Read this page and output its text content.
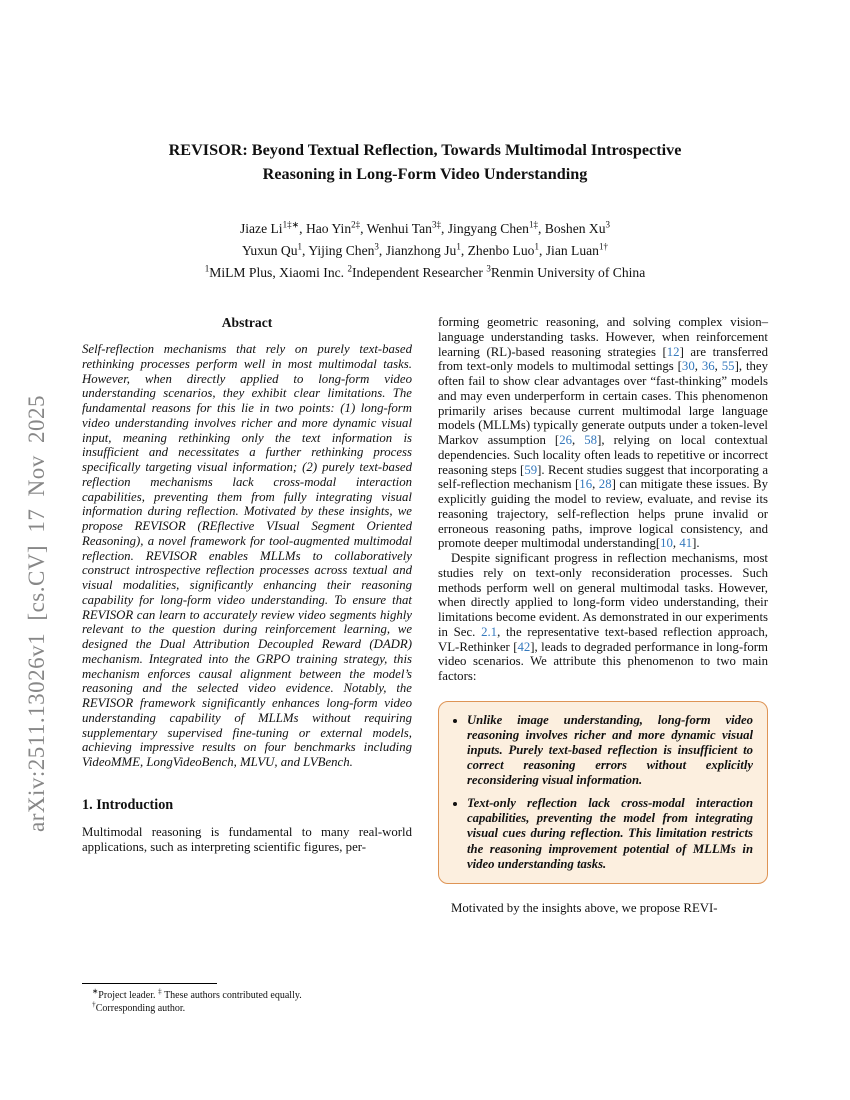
arXiv:2511.13026v1 [cs.CV] 17 Nov 2025
REVISOR: Beyond Textual Reflection, Towards Multimodal Introspective
Reasoning in Long-Form Video Understanding
Jiaze $Li^{1\ddagger∗}$, Hao Yin$^{2\ddagger}$, Wenhui Tan$^{3\ddagger}$, Jingyang Chen$^{1\ddagger}$, Boshen Xu$^3$
Yuxun Qu$^1$, Yijing Chen$^3$, Jianzhong Ju$^1$, Zhenbo Luo$^1$, Jian Luan$^{1\dagger}$
$^1$MiLM Plus, Xiaomi Inc. $^2$Independent Researcher $^3$Renmin University of China
Abstract
Self-reflection mechanisms that rely on purely text-based rethinking processes perform well in most multimodal tasks. However, when directly applied to long-form video understanding scenarios, they exhibit clear limitations. The fundamental reasons for this lie in two points: (1) long-form video understanding involves richer and more dynamic visual input, meaning rethinking only the text information is insufficient and necessitates a further rethinking process specifically targeting visual information; (2) purely text-based reflection mechanisms lack cross-modal interaction capabilities, preventing them from fully integrating visual information during reflection. Motivated by these insights, we propose REVISOR (REflective VIsual Segment Oriented Reasoning), a novel framework for tool-augmented multimodal reflection. REVISOR enables MLLMs to collaboratively construct introspective reflection processes across textual and visual modalities, significantly enhancing their reasoning capability for long-form video understanding. To ensure that REVISOR can learn to accurately review video segments highly relevant to the question during reinforcement learning, we designed the Dual Attribution Decoupled Reward (DADR) mechanism. Integrated into the GRPO training strategy, this mechanism enforces causal alignment between the model’s reasoning and the selected video evidence. Notably, the REVISOR framework significantly enhances long-form video understanding capability of MLLMs without requiring supplementary supervised fine-tuning or external models, achieving impressive results on four benchmarks including VideoMME, LongVideoBench, MLVU, and LVBench.
1. Introduction
Multimodal reasoning is fundamental to many real-world applications, such as interpreting scientific figures, per-
forming geometric reasoning, and solving complex vision–language understanding tasks. However, when reinforcement learning (RL)-based reasoning strategies [12] are transferred from text-only models to multimodal settings [30, 36, 55], they often fail to show clear advantages over “fast-thinking” models and may even underperform in certain cases. This phenomenon primarily arises because current multimodal large language models (MLLMs) typically generate outputs under a token-level Markov assumption [26, 58], relying on local contextual dependencies. Such locality often leads to repetitive or incorrect reasoning steps [59]. Recent studies suggest that incorporating a self-reflection mechanism [16, 28] can mitigate these issues. By explicitly guiding the model to review, evaluate, and revise its reasoning trajectory, self-reflection helps prune invalid or erroneous reasoning paths, improve logical consistency, and promote deeper multimodal understanding[10, 41].
Despite significant progress in reflection mechanisms, most studies rely on text-only reconsideration processes. Such methods perform well on general multimodal tasks. However, when directly applied to long-form video understanding, their limitations become evident. As demonstrated in our experiments in Sec. 2.1, the representative text-based reflection approach, VL-Rethinker [42], leads to degraded performance in long-form video scenarios. We attribute this phenomenon to two main factors:
• Unlike image understanding, long-form video reasoning involves richer and more dynamic visual inputs. Purely text-based reflection is insufficient to correct reasoning errors without explicitly reconsidering visual information.
• Text-only reflection lack cross-modal interaction capabilities, preventing the model from integrating visual cues during reflection. This limitation restricts the reasoning improvement potential of MLLMs in video understanding tasks.
Motivated by the insights above, we propose REVI-
∗Project leader. ‡ These authors contributed equally.
†Corresponding author.
